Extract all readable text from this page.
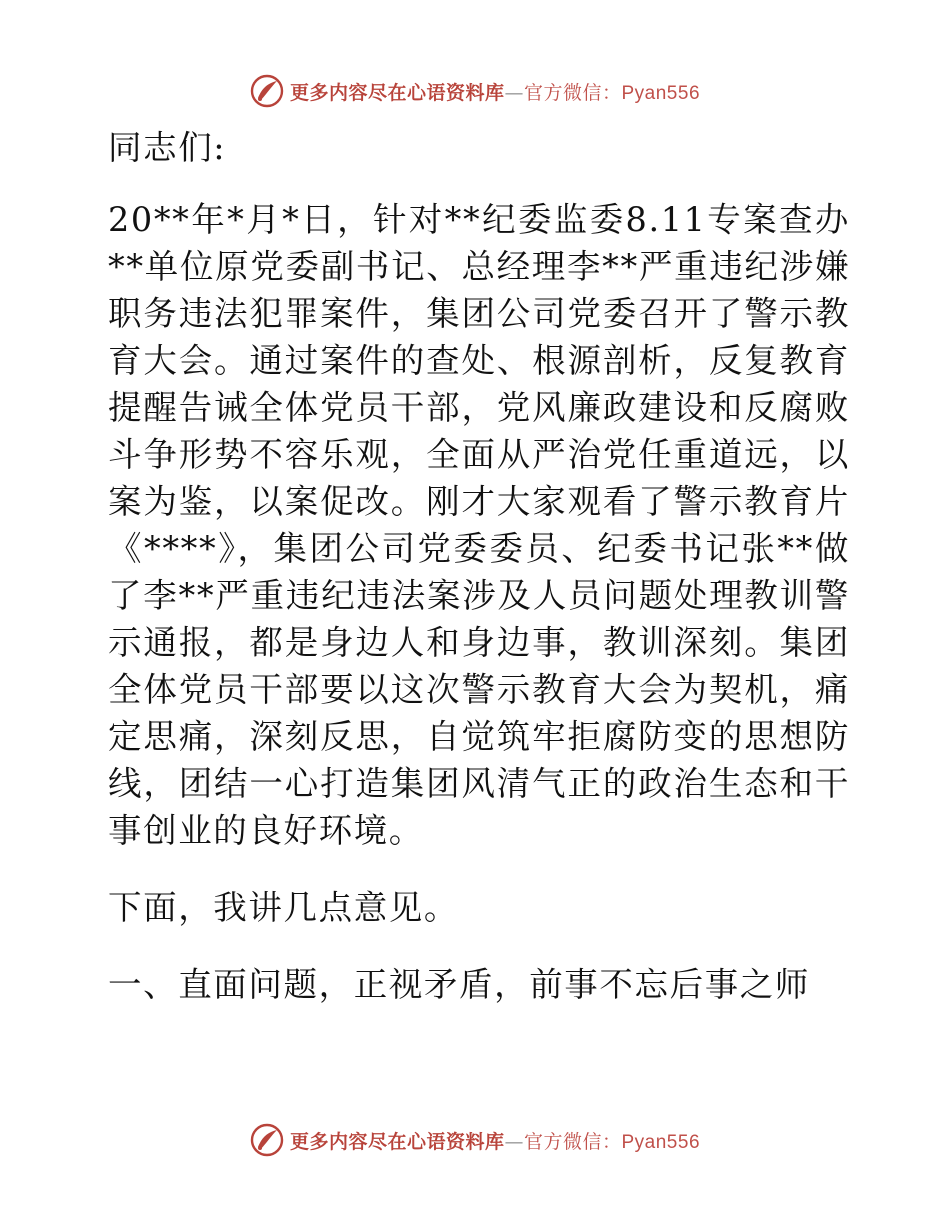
更多内容尽在心语资料库—官方微信：Pyan556

同志们:

20**年*月*日，针对**纪委监委8.11专案查办**单位原党委副书记、总经理李**严重违纪涉嫌职务违法犯罪案件，集团公司党委召开了警示教育大会。通过案件的查处、根源剖析，反复教育提醒告诫全体党员干部，党风廉政建设和反腐败斗争形势不容乐观，全面从严治党任重道远，以案为鉴，以案促改。刚才大家观看了警示教育片《****》，集团公司党委委员、纪委书记张**做了李**严重违纪违法案涉及人员问题处理教训警示通报，都是身边人和身边事，教训深刻。集团全体党员干部要以这次警示教育大会为契机，痛定思痛，深刻反思，自觉筑牢拒腐防变的思想防线，团结一心打造集团风清气正的政治生态和干事创业的良好环境。

下面，我讲几点意见。

一、直面问题，正视矛盾，前事不忘后事之师

更多内容尽在心语资料库—官方微信：Pyan556
